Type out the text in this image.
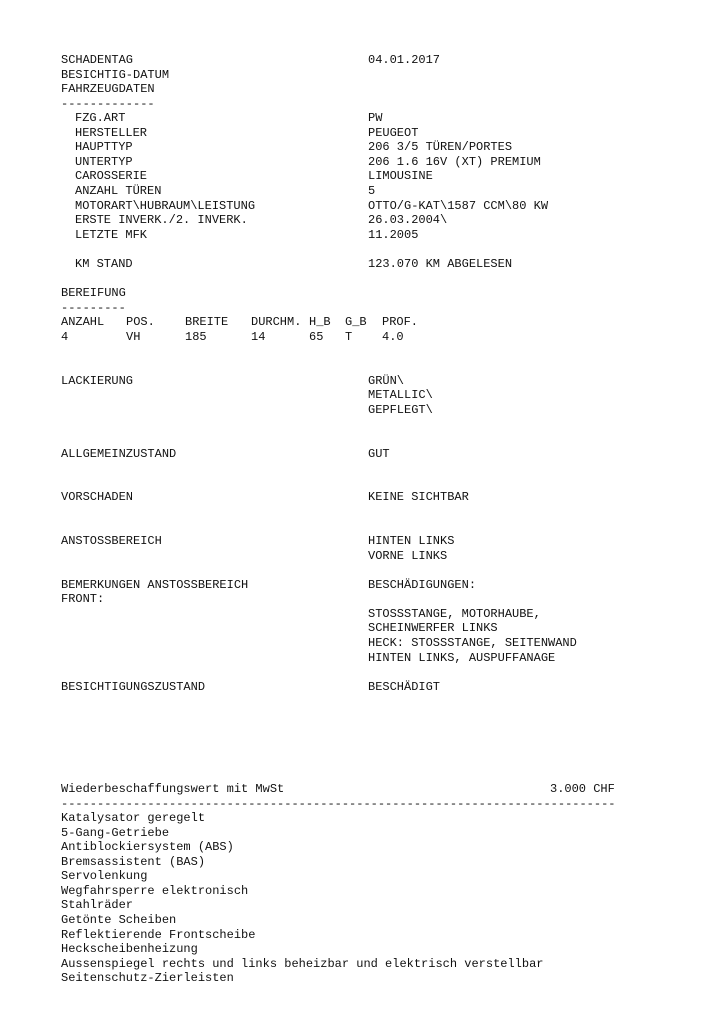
SCHADENTAG	04.01.2017
BESICHTIG-DATUM
FAHRZEUGDATEN
-------------
FZG.ART	PW
HERSTELLER	PEUGEOT
HAUPTTYP	206 3/5 TÜREN/PORTES
UNTERTYP	206 1.6 16V (XT) PREMIUM
CAROSSERIE	LIMOUSINE
ANZAHL TÜREN	5
MOTORART\HUBRAUM\LEISTUNG	OTTO/G-KAT\1587 CCM\80 KW
ERSTE INVERK./2. INVERK.	26.03.2004\
LETZTE MFK	11.2005
KM STAND	123.070 KM ABGELESEN
BEREIFUNG
---------
ANZAHL POS.	BREITE DURCHM. H_B G_B PROF.
4	VH	185	14	65 T 4.0
LACKIERUNG	GRÜN\
METALLIC\
GEPFLEGT\
ALLGEMEINZUSTAND	GUT
VORSCHADEN	KEINE SICHTBAR
ANSTOSSBEREICH	HINTEN LINKS
VORNE LINKS
BEMERKUNGEN ANSTOSSBEREICH	BESCHÄDIGUNGEN:
FRONT:
STOSSSTANGE, MOTORHAUBE,
SCHEINWERFER LINKS
HECK: STOSSSTANGE, SEITENWAND
HINTEN LINKS, AUSPUFFANAGE
BESICHTIGUNGSZUSTAND	BESCHÄDIGT
Wiederbeschaffungswert mit MwSt	3.000 CHF
-----------------------------------------------------------------------------
Katalysator geregelt
5-Gang-Getriebe
Antiblockiersystem (ABS)
Bremsassistent (BAS)
Servolenkung
Wegfahrsperre elektronisch
Stahlräder
Getönte Scheiben
Reflektierende Frontscheibe
Heckscheibenheizung
Aussenspiegel rechts und links beheizbar und elektrisch verstellbar
Seitenschutz-Zierleisten
